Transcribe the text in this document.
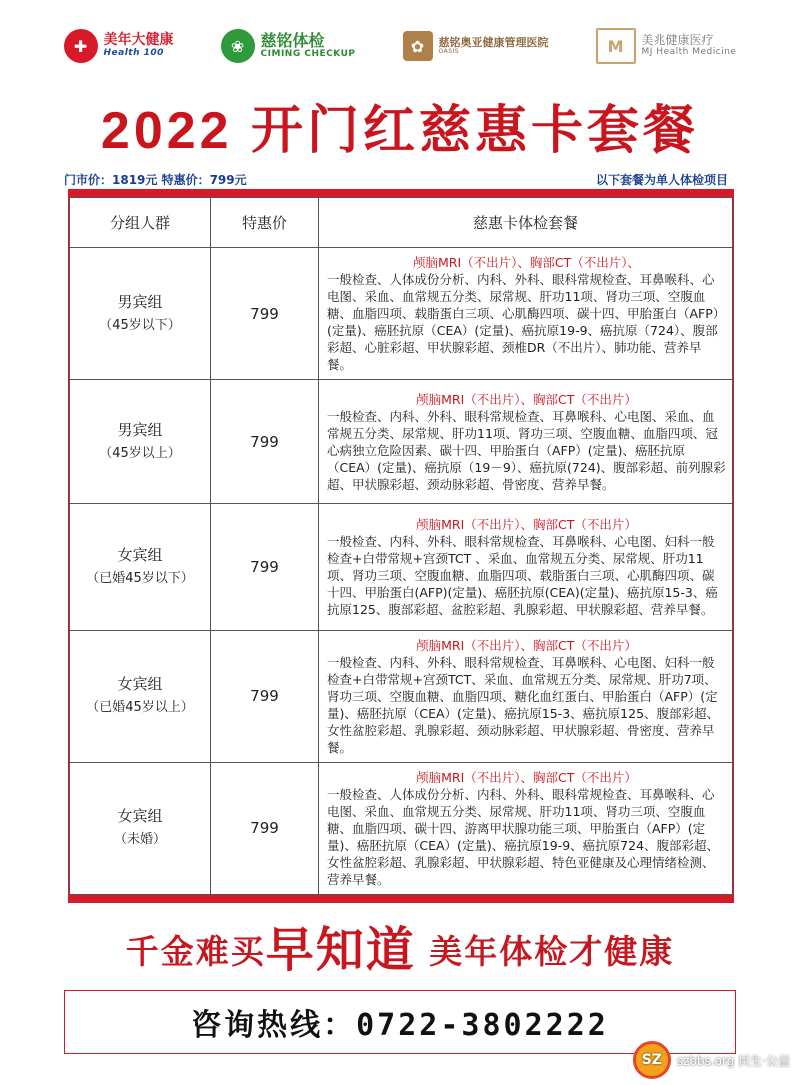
✚	美年大健康
Health 100	❀	慈铭体检
CIMING CHECKUP	✿	慈铭奥亚健康管理医院
OASIS	M	美兆健康医疗
MJ Health Medicine
2022 开门红慈惠卡套餐
门市价：1819元 特惠价：799元	以下套餐为单人体检项目
分组人群	特惠价	慈惠卡体检套餐
男宾组
（45岁以下）	799	颅脑MRI（不出片）、胸部CT（不出片）、
一般检查、人体成份分析、内科、外科、眼科常规检查、耳鼻喉科、心电图、采血、血常规五分类、尿常规、肝功11项、肾功三项、空腹血糖、血脂四项、载脂蛋白三项、心肌酶四项、碳十四、甲胎蛋白（AFP）(定量)、癌胚抗原（CEA）(定量)、癌抗原19-9、癌抗原（724）、腹部彩超、心脏彩超、甲状腺彩超、颈椎DR（不出片）、肺功能、营养早餐。
男宾组
（45岁以上）	799	颅脑MRI（不出片）、胸部CT（不出片）
一般检查、内科、外科、眼科常规检查、耳鼻喉科、心电图、采血、血常规五分类、尿常规、肝功11项、肾功三项、空腹血糖、血脂四项、冠心病独立危险因素、碳十四、甲胎蛋白（AFP）(定量)、癌胚抗原（CEA）(定量)、癌抗原（19－9）、癌抗原(724)、腹部彩超、前列腺彩超、甲状腺彩超、颈动脉彩超、骨密度、营养早餐。
女宾组
（已婚45岁以下）	799	颅脑MRI（不出片）、胸部CT（不出片）
一般检查、内科、外科、眼科常规检查、耳鼻喉科、心电图、妇科一般检查+白带常规+宫颈TCT 、采血、血常规五分类、尿常规、肝功11项、肾功三项、空腹血糖、血脂四项、载脂蛋白三项、心肌酶四项、碳十四、甲胎蛋白(AFP)(定量)、癌胚抗原(CEA)(定量)、癌抗原15-3、癌抗原125、腹部彩超、盆腔彩超、乳腺彩超、甲状腺彩超、营养早餐。
女宾组
（已婚45岁以上）	799	颅脑MRI（不出片）、胸部CT（不出片）
一般检查、内科、外科、眼科常规检查、耳鼻喉科、心电图、妇科一般检查+白带常规+宫颈TCT、采血、血常规五分类、尿常规、肝功7项、肾功三项、空腹血糖、血脂四项、糖化血红蛋白、甲胎蛋白（AFP）(定量)、癌胚抗原（CEA）(定量)、癌抗原15-3、癌抗原125、腹部彩超、女性盆腔彩超、乳腺彩超、颈动脉彩超、甲状腺彩超、骨密度、营养早餐。
女宾组
（未婚）	799	颅脑MRI（不出片）、胸部CT（不出片）
一般检查、人体成份分析、内科、外科、眼科常规检查、耳鼻喉科、心电图、采血、血常规五分类、尿常规、肝功11项、肾功三项、空腹血糖、血脂四项、碳十四、游离甲状腺功能三项、甲胎蛋白（AFP）(定量)、癌胚抗原（CEA）(定量)、癌抗原19-9、癌抗原724、腹部彩超、女性盆腔彩超、乳腺彩超、甲状腺彩超、特色亚健康及心理情绪检测、营养早餐。
千金难买早知道 美年体检才健康
咨询热线：0722-3802222
SZ	szbbs.org 民生·公益
